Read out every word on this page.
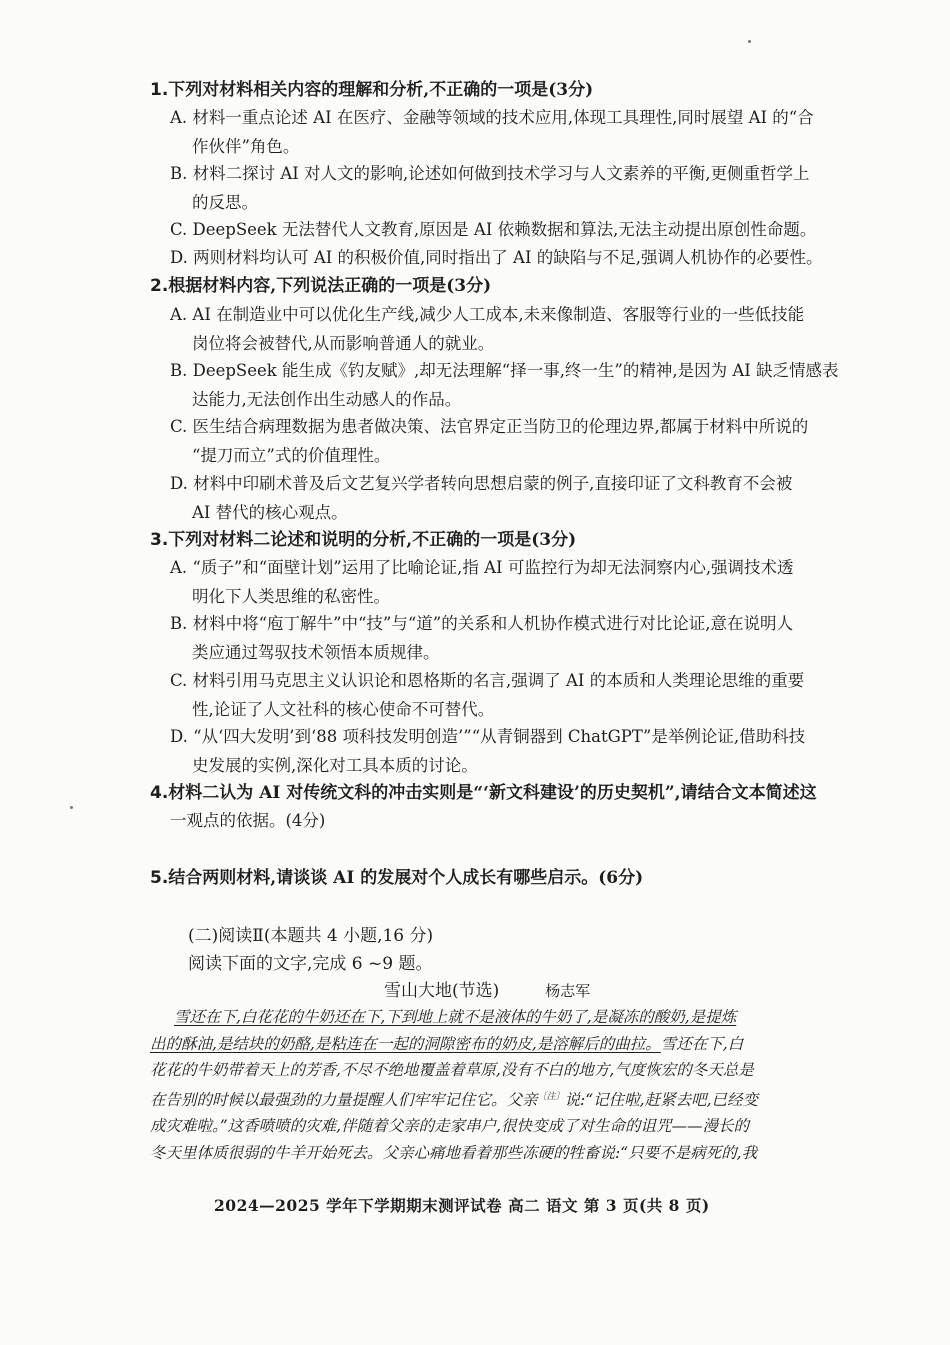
1.下列对材料相关内容的理解和分析,不正确的一项是(3分)
A. 材料一重点论述 AI 在医疗、金融等领域的技术应用,体现工具理性,同时展望 AI 的“合
作伙伴”角色。
B. 材料二探讨 AI 对人文的影响,论述如何做到技术学习与人文素养的平衡,更侧重哲学上
的反思。
C. DeepSeek 无法替代人文教育,原因是 AI 依赖数据和算法,无法主动提出原创性命题。
D. 两则材料均认可 AI 的积极价值,同时指出了 AI 的缺陷与不足,强调人机协作的必要性。
2.根据材料内容,下列说法正确的一项是(3分)
A. AI 在制造业中可以优化生产线,减少人工成本,未来像制造、客服等行业的一些低技能
岗位将会被替代,从而影响普通人的就业。
B. DeepSeek 能生成《钓友赋》,却无法理解“择一事,终一生”的精神,是因为 AI 缺乏情感表
达能力,无法创作出生动感人的作品。
C. 医生结合病理数据为患者做决策、法官界定正当防卫的伦理边界,都属于材料中所说的
“提刀而立”式的价值理性。
D. 材料中印刷术普及后文艺复兴学者转向思想启蒙的例子,直接印证了文科教育不会被
AI 替代的核心观点。
3.下列对材料二论述和说明的分析,不正确的一项是(3分)
A. “质子”和“面壁计划”运用了比喻论证,指 AI 可监控行为却无法洞察内心,强调技术透
明化下人类思维的私密性。
B. 材料中将“庖丁解牛”中“技”与“道”的关系和人机协作模式进行对比论证,意在说明人
类应通过驾驭技术领悟本质规律。
C. 材料引用马克思主义认识论和恩格斯的名言,强调了 AI 的本质和人类理论思维的重要
性,论证了人文社科的核心使命不可替代。
D. “从‘四大发明’到‘88 项科技发明创造’”“从青铜器到 ChatGPT”是举例论证,借助科技
史发展的实例,深化对工具本质的讨论。
4.材料二认为 AI 对传统文科的冲击实则是“‘新文科建设’的历史契机”,请结合文本简述这
一观点的依据。(4分)
5.结合两则材料,请谈谈 AI 的发展对个人成长有哪些启示。(6分)
(二)阅读Ⅱ(本题共 4 小题,16 分)
阅读下面的文字,完成 6 ~9 题。
雪山大地(节选)	杨志军
雪还在下,白花花的牛奶还在下,下到地上就不是液体的牛奶了,是凝冻的酸奶,是提炼
出的酥油,是结块的奶酪,是粘连在一起的洞隙密布的奶皮,是溶解后的曲拉。雪还在下,白
花花的牛奶带着天上的芳香,不尽不绝地覆盖着草原,没有不白的地方,气度恢宏的冬天总是
在告别的时候以最强劲的力量提醒人们牢牢记住它。父亲$^{〔注〕}$说:“记住啦,赶紧去吧,已经变
成灾难啦。”这香喷喷的灾难,伴随着父亲的走家串户,很快变成了对生命的诅咒——漫长的
冬天里体质很弱的牛羊开始死去。父亲心痛地看着那些冻硬的牲畜说:“只要不是病死的,我
2024—2025 学年下学期期末测评试卷 高二 语文 第 3 页(共 8 页)
